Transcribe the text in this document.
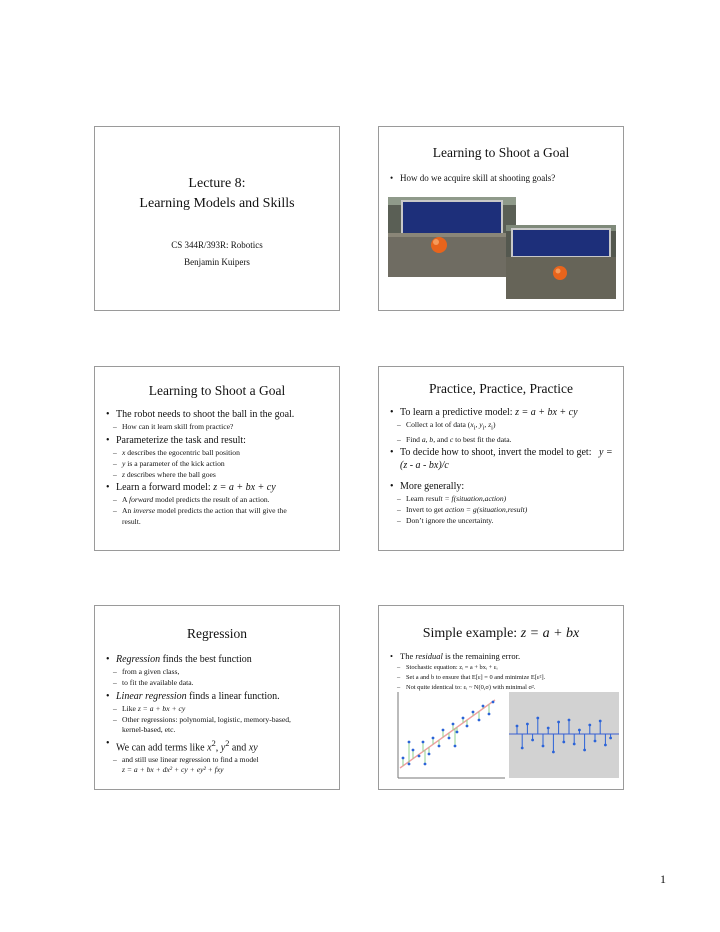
Lecture 8:
Learning Models and Skills
CS 344R/393R: Robotics
Benjamin Kuipers
Learning to Shoot a Goal
• How do we acquire skill at shooting goals?
Learning to Shoot a Goal
• The robot needs to shoot the ball in the goal.
– How can it learn skill from practice?
• Parameterize the task and result:
– x describes the egocentric ball position
– y is a parameter of the kick action
– z describes where the ball goes
• Learn a forward model: z = a + bx + cy
– A forward model predicts the result of an action.
– An inverse model predicts the action that will give the result.
Practice, Practice, Practice
• To learn a predictive model: z = a + bx + cy
– Collect a lot of data ($x_i$, $y_i$, $z_i$)
– Find a, b, and c to best fit the data.
• To decide how to shoot, invert the model to get: y = (z - a - bx)/c
• More generally:
– Learn result = f(situation,action)
– Invert to get action = g(situation,result)
– Don’t ignore the uncertainty.
Regression
• Regression finds the best function
– from a given class,
– to fit the available data.
• Linear regression finds a linear function.
– Like z = a + bx + cy
– Other regressions: polynomial, logistic, memory-based, kernel-based, etc.
• We can add terms like $x^2$, $y^2$ and xy
– and still use linear regression to find a model
z = a + bx + dx² + cy + ey² + fxy
Simple example: z = a + bx
• The residual is the remaining error.
– Stochastic equation: zᵢ = a + bxᵢ + εᵢ
– Set a and b to ensure that E[ε] = 0 and minimize E[ε²].
– Not quite identical to: εᵢ ~ N(0,σ) with minimal σ².
1
